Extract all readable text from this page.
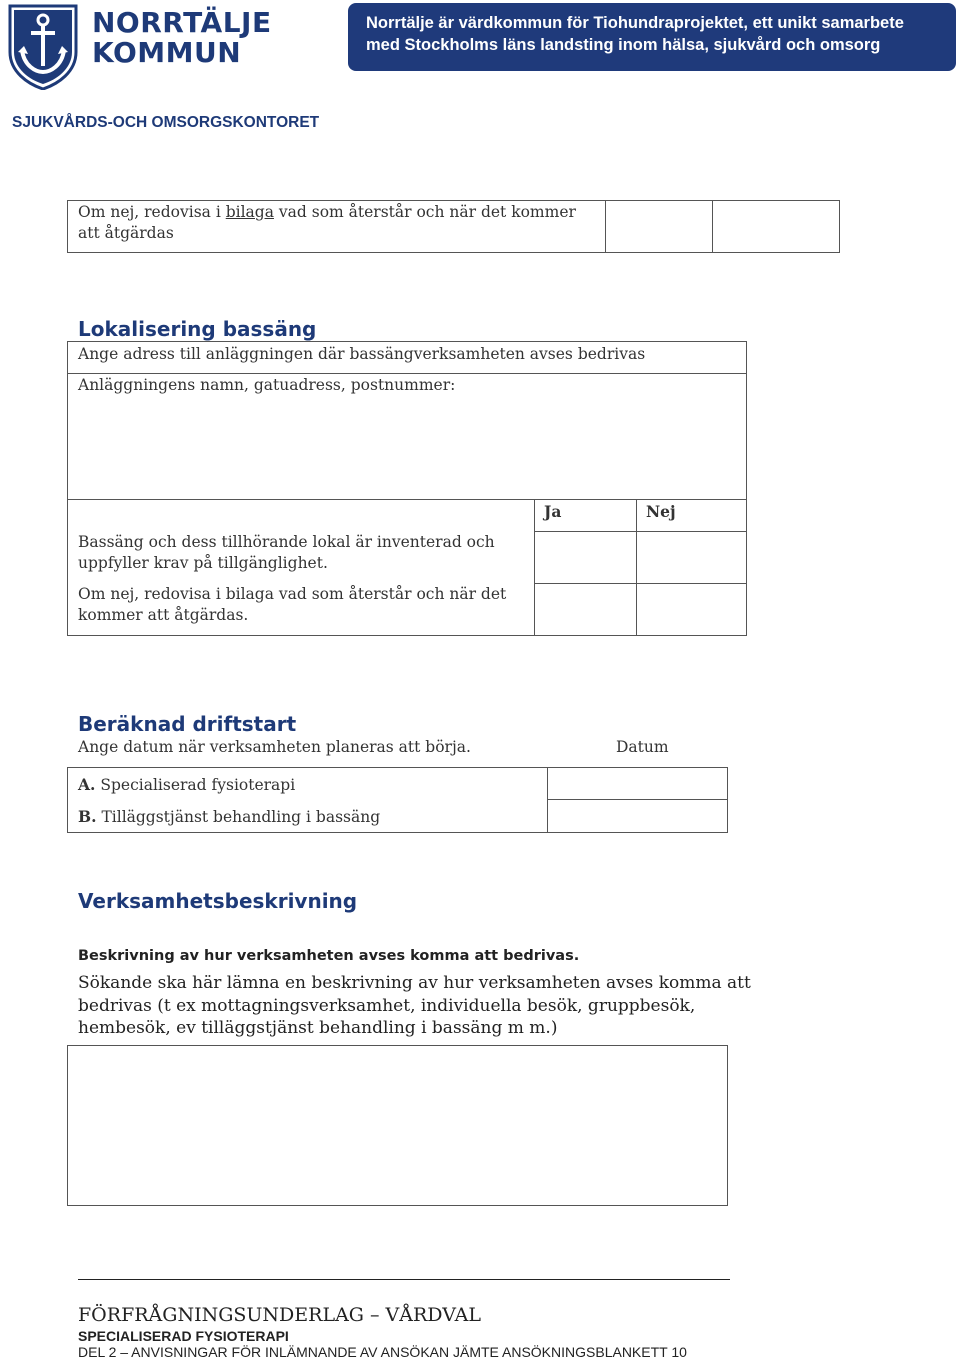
NORRTÄLJE
KOMMUN
Norrtälje är värdkommun för Tiohundraprojektet, ett unikt samarbete
med Stockholms läns landsting inom hälsa, sjukvård och omsorg
SJUKVÅRDS-OCH OMSORGSKONTORET
Om nej, redovisa i bilaga vad som återstår och när det kommer att åtgärdas
Lokalisering bassäng
Ange adress till anläggningen där bassängverksamheten avses bedrivas
Anläggningens namn, gatuadress, postnummer:
Ja	Nej
Bassäng och dess tillhörande lokal är inventerad och uppfyller krav på tillgänglighet.
Om nej, redovisa i bilaga vad som återstår och när det kommer att åtgärdas.
Beräknad driftstart
Ange datum när verksamheten planeras att börja.	Datum
A. Specialiserad fysioterapi
B. Tilläggstjänst behandling i bassäng
Verksamhetsbeskrivning
Beskrivning av hur verksamheten avses komma att bedrivas.
Sökande ska här lämna en beskrivning av hur verksamheten avses komma att bedrivas (t ex mottagningsverksamhet, individuella besök, gruppbesök, hembesök, ev tilläggstjänst behandling i bassäng m m.)
FÖRFRÅGNINGSUNDERLAG – VÅRDVAL
SPECIALISERAD FYSIOTERAPI
DEL 2 – ANVISNINGAR FÖR INLÄMNANDE AV ANSÖKAN JÄMTE ANSÖKNINGSBLANKETT 10
